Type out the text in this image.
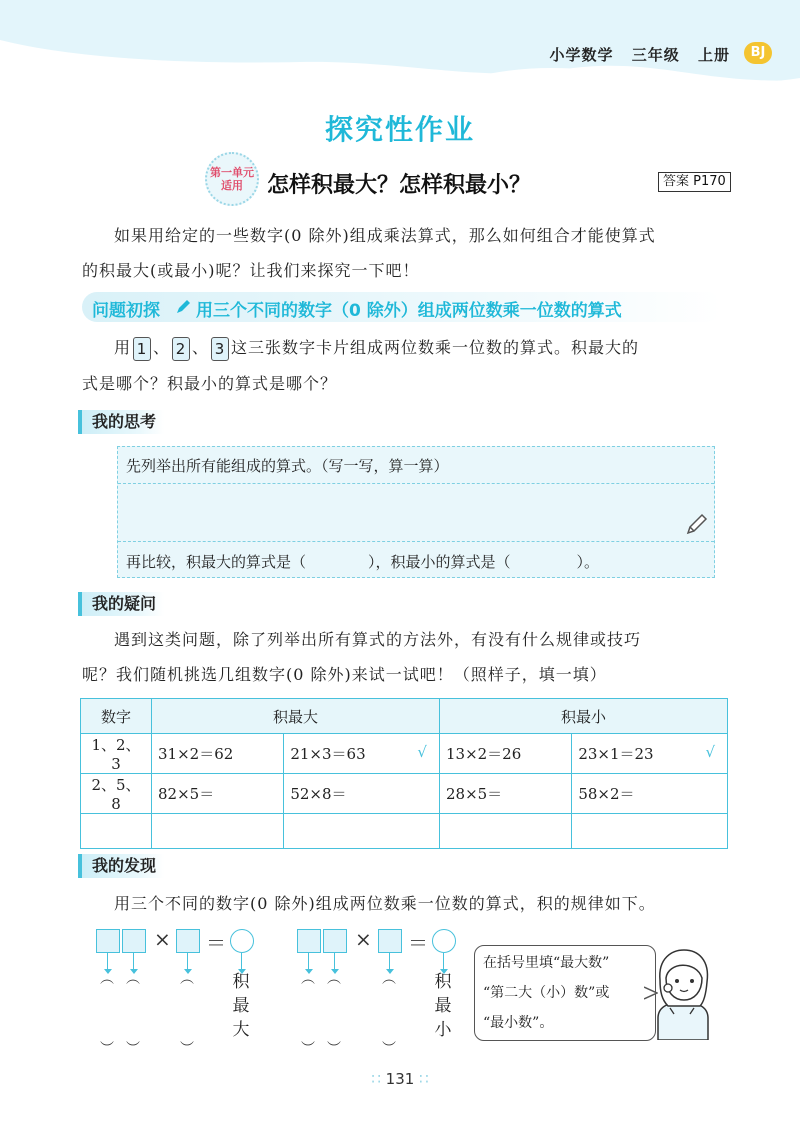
小学数学 三年级 上册	BJ
探究性作业
第一单元
适用	怎样积最大？怎样积最小？	答案 P170

如果用给定的一些数字(0 除外)组成乘法算式，那么如何组合才能使算式

的积最大(或最小)呢？让我们来探究一下吧！

问题初探 用三个不同的数字（0 除外）组成两位数乘一位数的算式

用 1 、 2 、 3 这三张数字卡片组成两位数乘一位数的算式。积最大的

式是哪个？积最小的算式是哪个？

我的思考
先列举出所有能组成的算式。（写一写，算一算）
再比较，积最大的算式是（	），积最小的算式是（	）。
我的疑问

遇到这类问题，除了列举出所有算式的方法外，有没有什么规律或技巧

呢？我们随机挑选几组数字(0 除外)来试一试吧！（照样子，填一填）

数字	积最大		积最小	
1、2、3	31×2＝62	21×3＝63 √	13×2＝26	23×1＝23 √

2、5、8	82×5＝	52×8＝	28×5＝	58×2＝

我的发现

用三个不同的数字(0 除外)组成两位数乘一位数的算式，积的规律如下。

× ＝
︵ ︵	︵
︶ ︶	︶
积
最
大
× ＝
︵ ︵	︵
︶ ︶	︶
积
最
小
在括号里填“最大数”
“第二大（小）数”或
“最小数”。
∷ 131 ∷
